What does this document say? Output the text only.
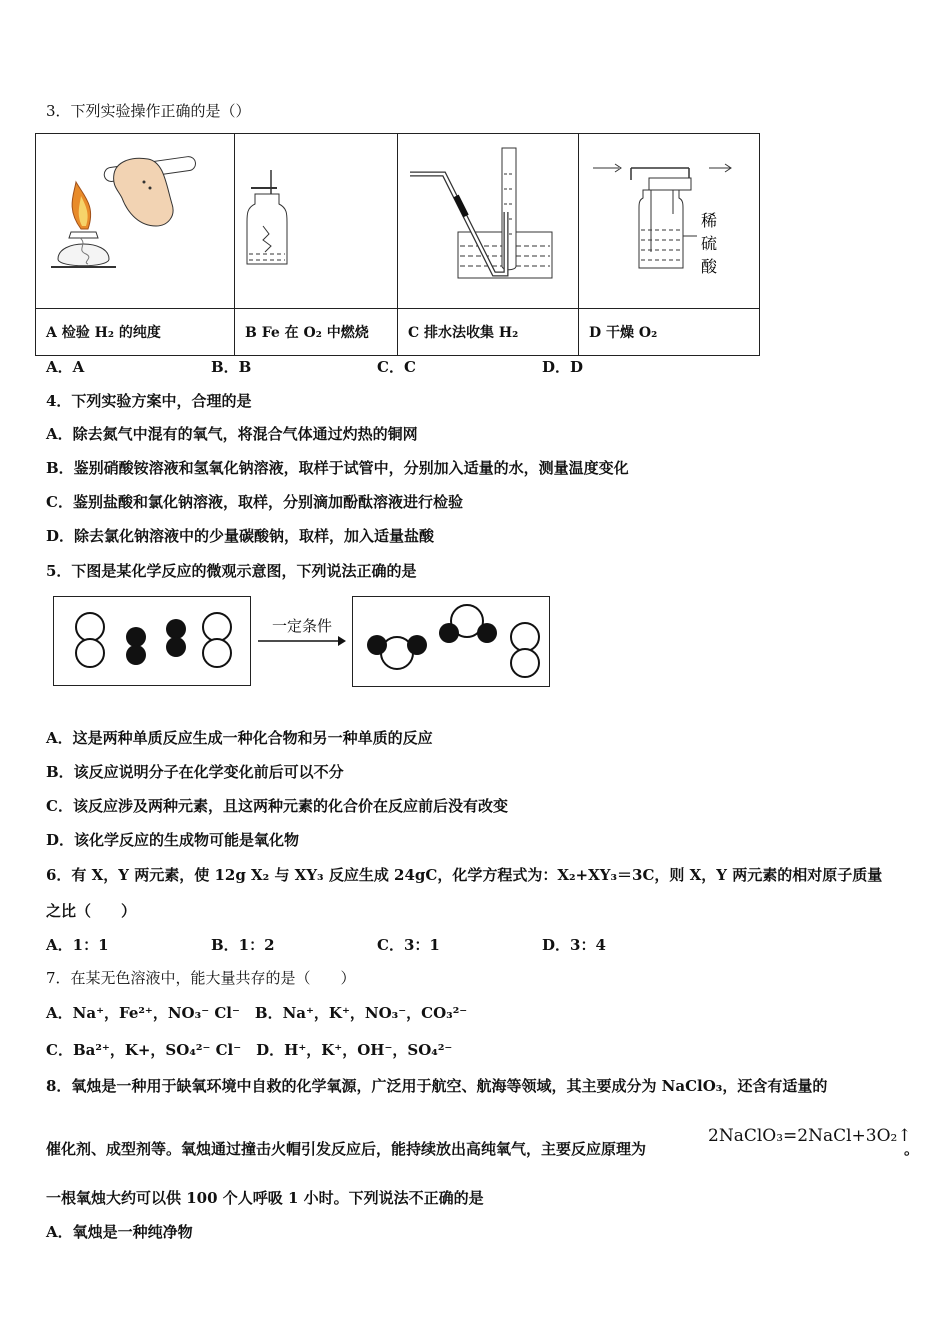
3．下列实验操作正确的是（）

稀
硫
酸

A 检验 H₂ 的纯度	B Fe 在 O₂ 中燃烧	C 排水法收集 H₂	D 干燥 O₂
A．A	B．B	C．C	D．D
4．下列实验方案中，合理的是
A．除去氮气中混有的氧气，将混合气体通过灼热的铜网
B．鉴别硝酸铵溶液和氢氧化钠溶液，取样于试管中，分别加入适量的水，测量温度变化
C．鉴别盐酸和氯化钠溶液，取样，分别滴加酚酞溶液进行检验
D．除去氯化钠溶液中的少量碳酸钠，取样，加入适量盐酸
5．下图是某化学反应的微观示意图，下列说法正确的是
一定条件
A．这是两种单质反应生成一种化合物和另一种单质的反应
B．该反应说明分子在化学变化前后可以不分
C．该反应涉及两种元素，且这两种元素的化合价在反应前后没有改变
D．该化学反应的生成物可能是氧化物
6．有 X，Y 两元素，使 12g X₂ 与 XY₃ 反应生成 24gC，化学方程式为：X₂+XY₃＝3C，则 X，Y 两元素的相对原子质量
之比（　　）
A．1：1	B．1：2	C．3：1	D．3：4
7．在某无色溶液中，能大量共存的是（　　）
A．Na⁺，Fe²⁺，NO₃⁻ Cl⁻　B．Na⁺，K⁺，NO₃⁻，CO₃²⁻
C．Ba²⁺，K+，SO₄²⁻ Cl⁻　D．H⁺，K⁺，OH⁻，SO₄²⁻
8．氧烛是一种用于缺氧环境中自救的化学氧源，广泛用于航空、航海等领域，其主要成分为 NaClO₃，还含有适量的
催化剂、成型剂等。氧烛通过撞击火帽引发反应后，能持续放出高纯氧气，主要反应原理为
2NaClO₃=2NaCl+3O₂↑
。
一根氧烛大约可以供 100 个人呼吸 1 小时。下列说法不正确的是
A．氧烛是一种纯净物
